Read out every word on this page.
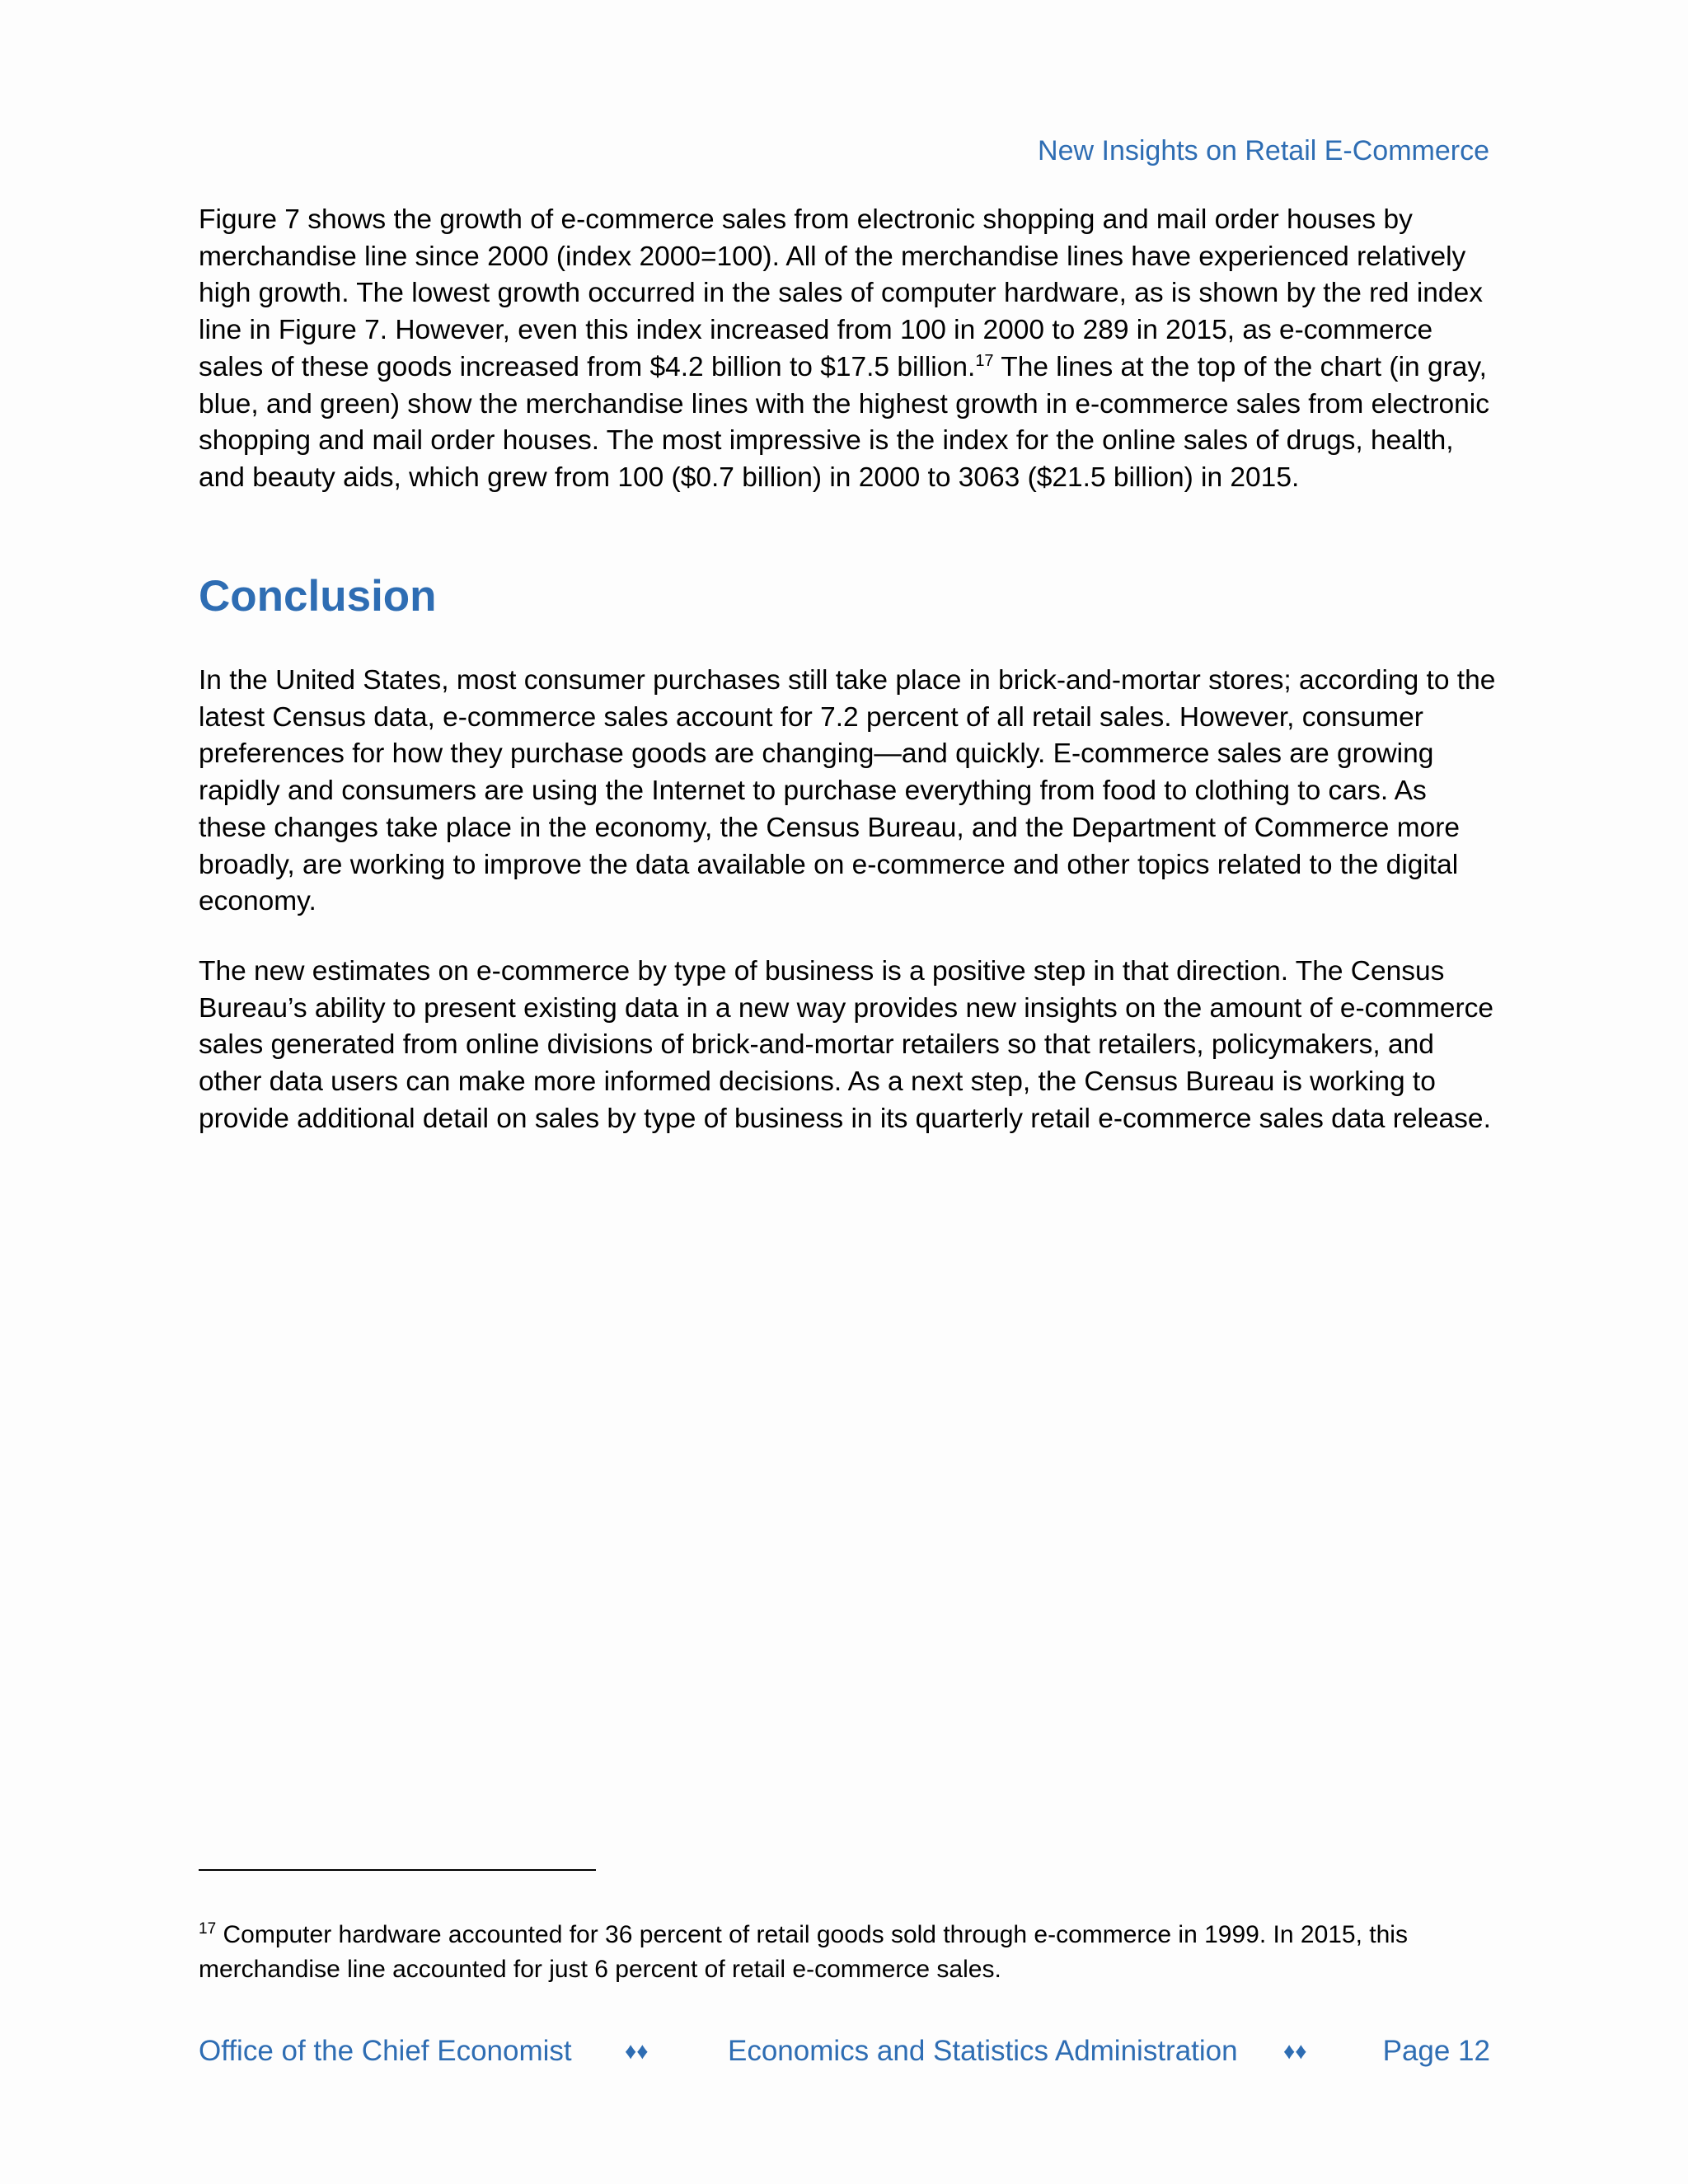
New Insights on Retail E-Commerce

Figure 7 shows the growth of e-commerce sales from electronic shopping and mail order houses by merchandise line since 2000 (index 2000=100). All of the merchandise lines have experienced relatively high growth. The lowest growth occurred in the sales of computer hardware, as is shown by the red index line in Figure 7. However, even this index increased from 100 in 2000 to 289 in 2015, as e-commerce sales of these goods increased from $4.2 billion to $17.5 billion.$^{17}$ The lines at the top of the chart (in gray, blue, and green) show the merchandise lines with the highest growth in e-commerce sales from electronic shopping and mail order houses. The most impressive is the index for the online sales of drugs, health, and beauty aids, which grew from 100 ($0.7 billion) in 2000 to 3063 ($21.5 billion) in 2015.

Conclusion

In the United States, most consumer purchases still take place in brick-and-mortar stores; according to the latest Census data, e-commerce sales account for 7.2 percent of all retail sales. However, consumer preferences for how they purchase goods are changing—and quickly. E-commerce sales are growing rapidly and consumers are using the Internet to purchase everything from food to clothing to cars. As these changes take place in the economy, the Census Bureau, and the Department of Commerce more broadly, are working to improve the data available on e-commerce and other topics related to the digital economy.

The new estimates on e-commerce by type of business is a positive step in that direction. The Census Bureau’s ability to present existing data in a new way provides new insights on the amount of e-commerce sales generated from online divisions of brick-and-mortar retailers so that retailers, policymakers, and other data users can make more informed decisions. As a next step, the Census Bureau is working to provide additional detail on sales by type of business in its quarterly retail e-commerce sales data release.

$^{17}$ Computer hardware accounted for 36 percent of retail goods sold through e-commerce in 1999. In 2015, this merchandise line accounted for just 6 percent of retail e-commerce sales.

Office of the Chief Economist ♦♦	Economics and Statistics Administration ♦♦	Page 12
